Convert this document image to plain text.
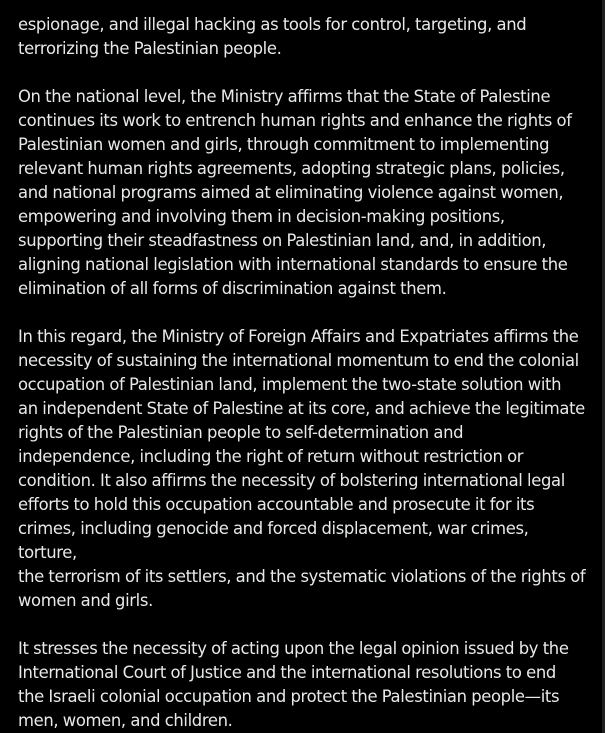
espionage, and illegal hacking as tools for control, targeting, and
terrorizing the Palestinian people.

On the national level, the Ministry affirms that the State of Palestine
continues its work to entrench human rights and enhance the rights of
Palestinian women and girls, through commitment to implementing
relevant human rights agreements, adopting strategic plans, policies,
and national programs aimed at eliminating violence against women,
empowering and involving them in decision-making positions,
supporting their steadfastness on Palestinian land, and, in addition,
aligning national legislation with international standards to ensure the
elimination of all forms of discrimination against them.

In this regard, the Ministry of Foreign Affairs and Expatriates affirms the
necessity of sustaining the international momentum to end the colonial
occupation of Palestinian land, implement the two-state solution with
an independent State of Palestine at its core, and achieve the legitimate
rights of the Palestinian people to self-determination and
independence, including the right of return without restriction or
condition. It also affirms the necessity of bolstering international legal
efforts to hold this occupation accountable and prosecute it for its
crimes, including genocide and forced displacement, war crimes, torture,
the terrorism of its settlers, and the systematic violations of the rights of
women and girls.

It stresses the necessity of acting upon the legal opinion issued by the
International Court of Justice and the international resolutions to end
the Israeli colonial occupation and protect the Palestinian people—its
men, women, and children.
